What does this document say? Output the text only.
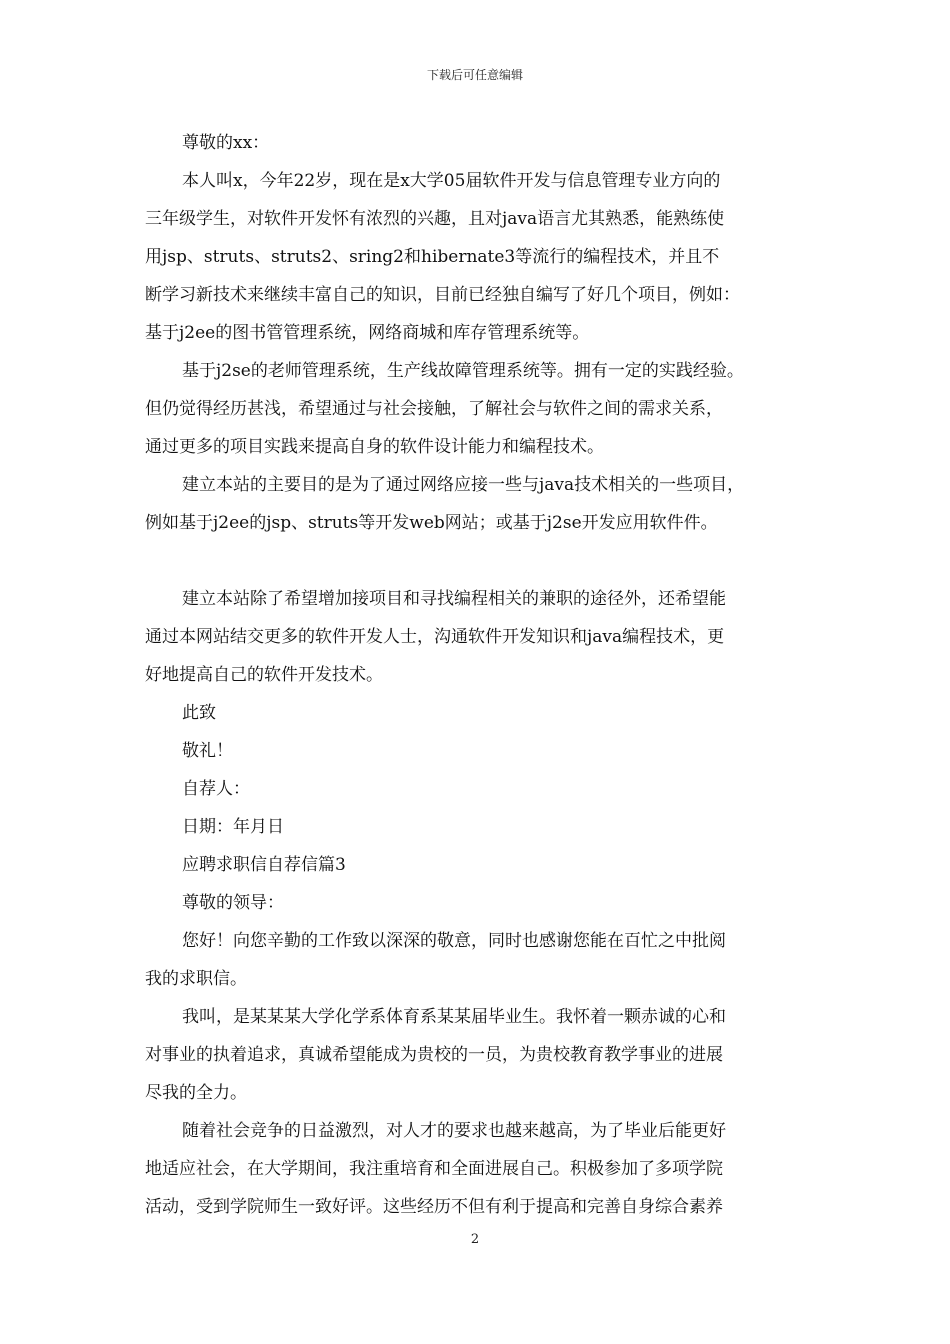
下载后可任意编辑

尊敬的xx：

本人叫x，今年22岁，现在是x大学05届软件开发与信息管理专业方向的

三年级学生，对软件开发怀有浓烈的兴趣，且对java语言尤其熟悉，能熟练使

用jsp、struts、struts2、sring2和hibernate3等流行的编程技术，并且不

断学习新技术来继续丰富自己的知识，目前已经独自编写了好几个项目，例如：

基于j2ee的图书管管理系统，网络商城和库存管理系统等。

基于j2se的老师管理系统，生产线故障管理系统等。拥有一定的实践经验。

但仍觉得经历甚浅，希望通过与社会接触，了解社会与软件之间的需求关系，

通过更多的项目实践来提高自身的软件设计能力和编程技术。

建立本站的主要目的是为了通过网络应接一些与java技术相关的一些项目，

例如基于j2ee的jsp、struts等开发web网站；或基于j2se开发应用软件件。

建立本站除了希望增加接项目和寻找编程相关的兼职的途径外，还希望能

通过本网站结交更多的软件开发人士，沟通软件开发知识和java编程技术，更

好地提高自己的软件开发技术。

此致

敬礼！

自荐人：

日期：年月日

应聘求职信自荐信篇3

尊敬的领导：

您好！向您辛勤的工作致以深深的敬意，同时也感谢您能在百忙之中批阅

我的求职信。

我叫，是某某某大学化学系体育系某某届毕业生。我怀着一颗赤诚的心和

对事业的执着追求，真诚希望能成为贵校的一员，为贵校教育教学事业的进展

尽我的全力。

随着社会竞争的日益激烈，对人才的要求也越来越高，为了毕业后能更好

地适应社会，在大学期间，我注重培育和全面进展自己。积极参加了多项学院

活动，受到学院师生一致好评。这些经历不但有利于提高和完善自身综合素养

2
